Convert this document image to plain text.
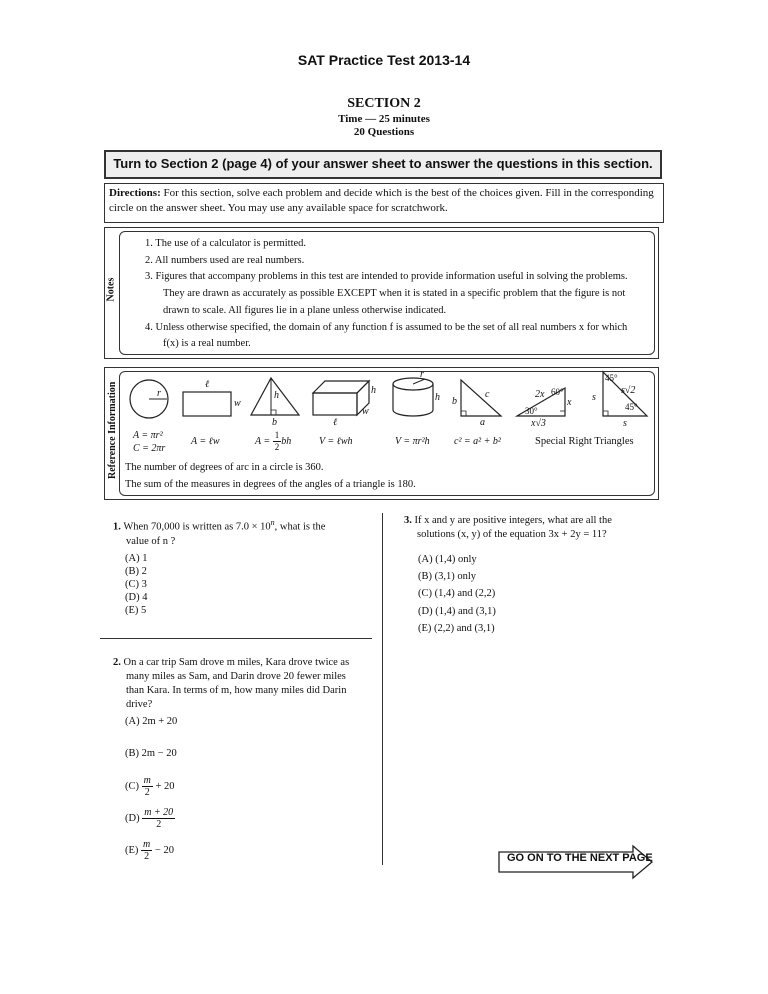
SAT Practice Test 2013-14
SECTION 2
Time — 25 minutes
20 Questions
Turn to Section 2 (page 4) of your answer sheet to answer the questions in this section.
Directions: For this section, solve each problem and decide which is the best of the choices given. Fill in the corresponding circle on the answer sheet. You may use any available space for scratchwork.
Notes
1. The use of a calculator is permitted.
2. All numbers used are real numbers.
3. Figures that accompany problems in this test are intended to provide information useful in solving the problems.
They are drawn as accurately as possible EXCEPT when it is stated in a specific problem that the figure is not
drawn to scale. All figures lie in a plane unless otherwise indicated.
4. Unless otherwise specified, the domain of any function f is assumed to be the set of all real numbers x for which
f(x) is a real number.
Reference Information	r
ℓ
w
h
b
h
w
ℓ
h
r
b
c
a
2x 60°
x
30°
x√3
s
45°
s√2
45°
s
A = πr²
C = 2πr
A = ℓw	$A = \frac{1}{2}$ bh	V = ℓwh	V = πr²h c² = a² + b²	Special Right Triangles
The number of degrees of arc in a circle is 360.
The sum of the measures in degrees of the angles of a triangle is 180.
1. When 70,000 is written as $7.0 \times 10^n$, what is the
value of n ?
(A) 1
(B) 2
(C) 3
(D) 4
(E) 5
2. On a car trip Sam drove m miles, Kara drove twice as
many miles as Sam, and Darin drove 20 fewer miles
than Kara. In terms of m, how many miles did Darin
drive?
(A) 2m + 20
(B) 2m − 20
$(C) \frac{m}{2} + 20$
$(D) \frac{m + 20}{2}$
$(E) \frac{m}{2} - 20$
3. If x and y are positive integers, what are all the
solutions (x, y) of the equation 3x + 2y = 11?
(A) (1,4) only
(B) (3,1) only
(C) (1,4) and (2,2)
(D) (1,4) and (3,1)
(E) (2,2) and (3,1)
GO ON TO THE NEXT PAGE
